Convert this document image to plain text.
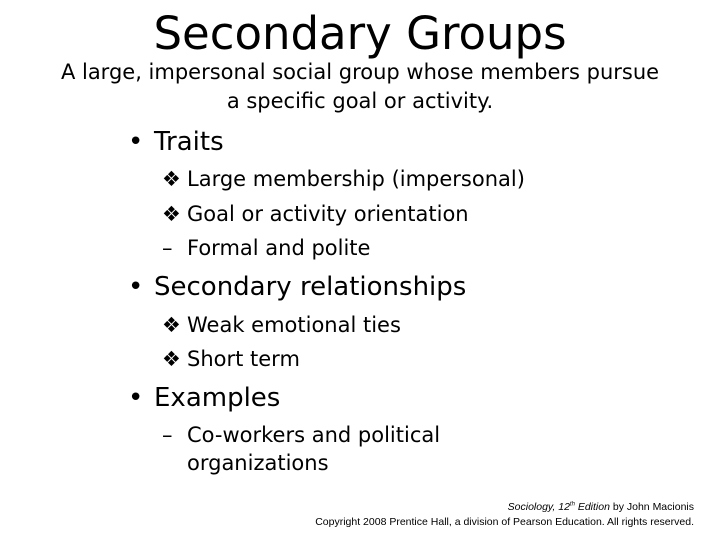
Secondary Groups

A large, impersonal social group whose members pursue a specific goal or activity.

• Traits
❖ Large membership (impersonal)
❖ Goal or activity orientation
– Formal and polite
• Secondary relationships
❖ Weak emotional ties
❖ Short term
• Examples
– Co-workers and political organizations
Sociology, 12th Edition by John Macionis
Copyright 2008 Prentice Hall, a division of Pearson Education. All rights reserved.
